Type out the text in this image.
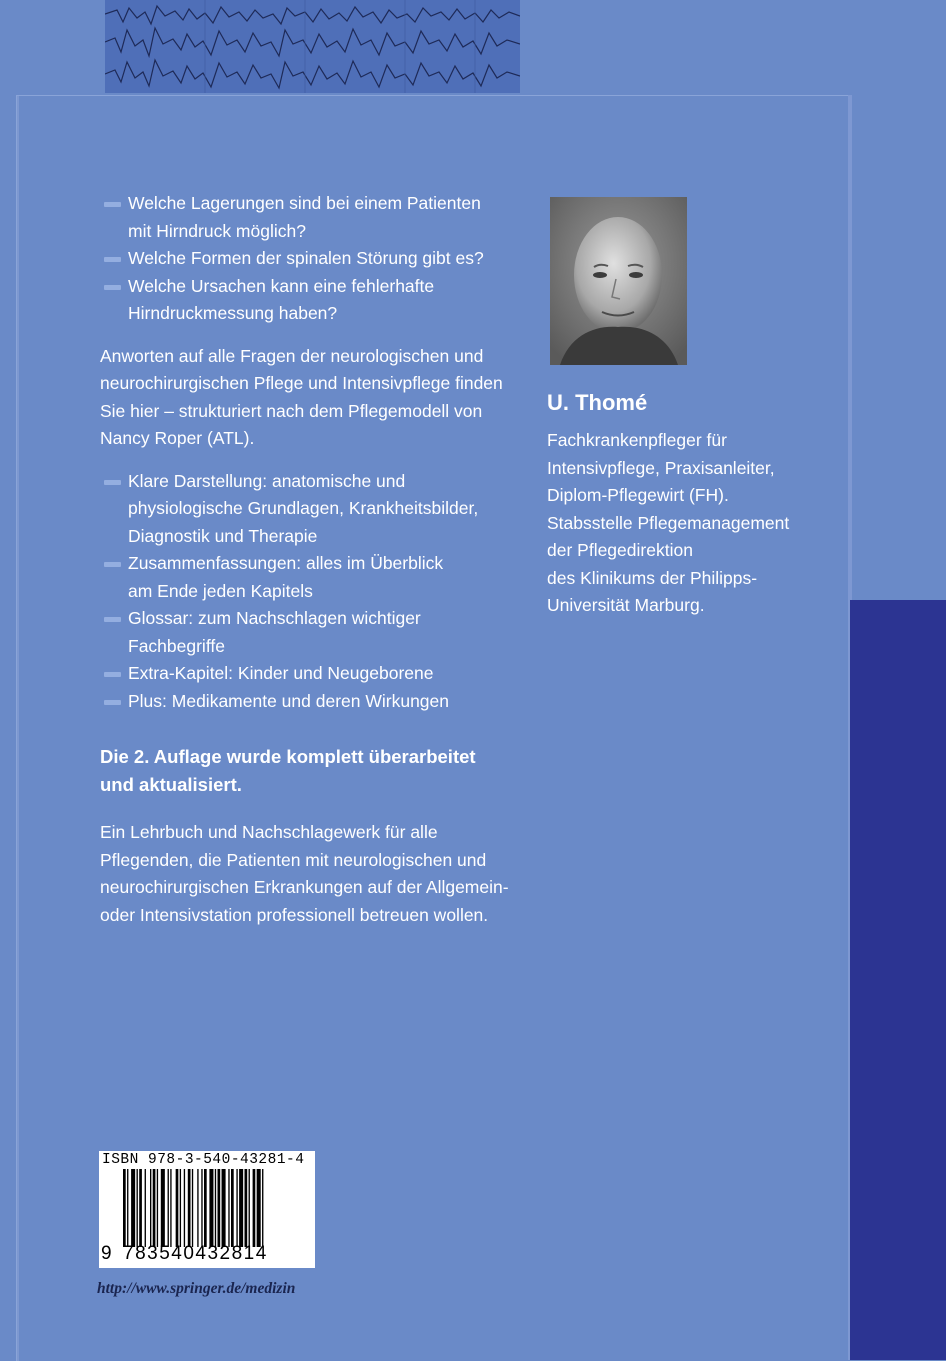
Welche Lagerungen sind bei einem Patienten
mit Hirndruck möglich?
Welche Formen der spinalen Störung gibt es?
Welche Ursachen kann eine fehlerhafte
Hirndruckmessung haben?

Anworten auf alle Fragen der neurologischen und
neurochirurgischen Pflege und Intensivpflege finden
Sie hier – strukturiert nach dem Pflegemodell von
Nancy Roper (ATL).

Klare Darstellung: anatomische und
physiologische Grundlagen, Krankheitsbilder,
Diagnostik und Therapie
Zusammenfassungen: alles im Überblick
am Ende jeden Kapitels
Glossar: zum Nachschlagen wichtiger
Fachbegriffe
Extra-Kapitel: Kinder und Neugeborene
Plus: Medikamente und deren Wirkungen

Die 2. Auflage wurde komplett überarbeitet
und aktualisiert.

Ein Lehrbuch und Nachschlagewerk für alle
Pflegenden, die Patienten mit neurologischen und
neurochirurgischen Erkrankungen auf der Allgemein-
oder Intensivstation professionell betreuen wollen.

U. Thomé

Fachkrankenpfleger für
Intensivpflege, Praxisanleiter,
Diplom-Pflegewirt (FH).
Stabsstelle Pflegemanagement
der Pflegedirektion
des Klinikums der Philipps-
Universität Marburg.

ISBN 978-3-540-43281-4
9 783540432814
http://www.springer.de/medizin
